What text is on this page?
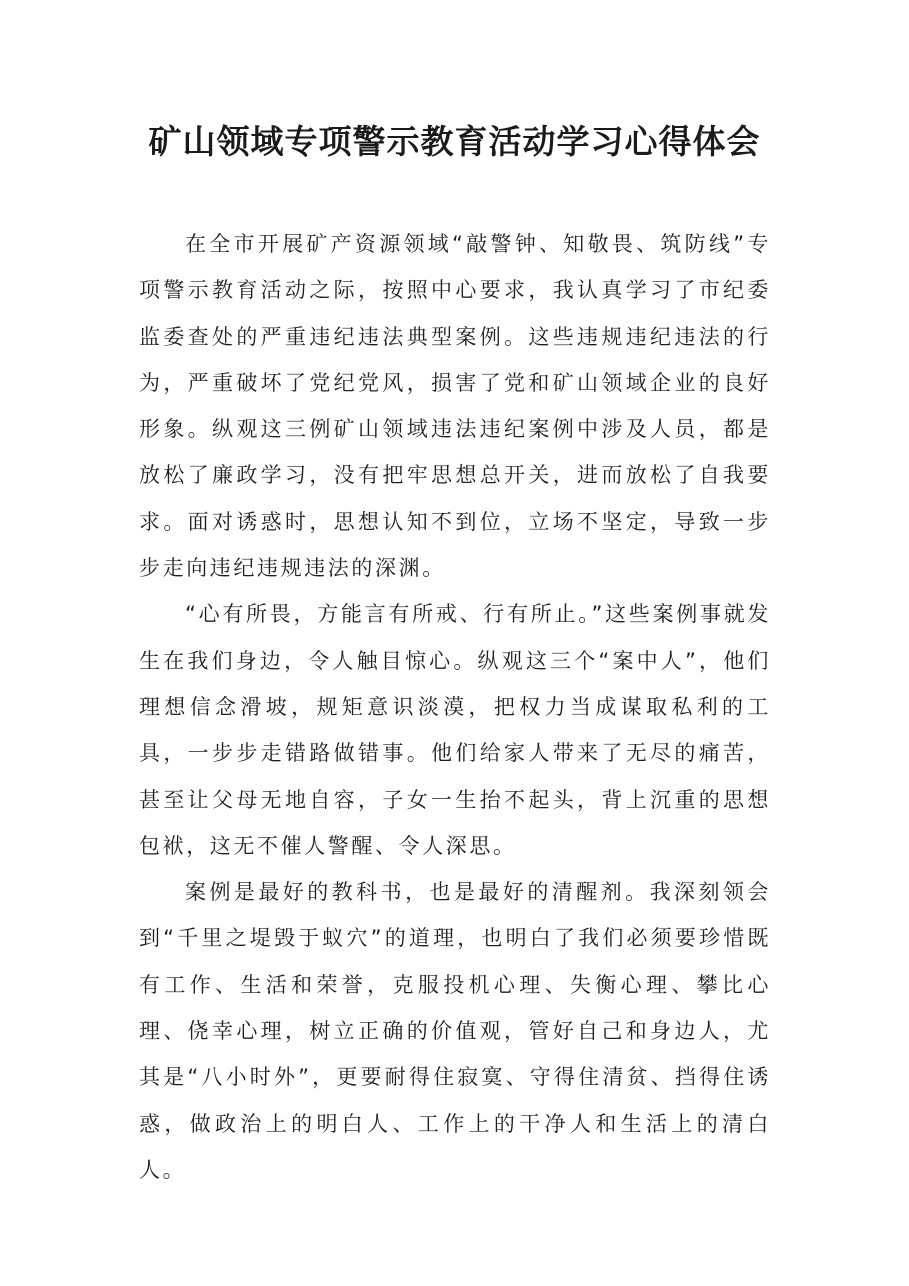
矿山领域专项警示教育活动学习心得体会

在全市开展矿产资源领域“敲警钟、知敬畏、筑防线”专项警示教育活动之际，按照中心要求，我认真学习了市纪委监委查处的严重违纪违法典型案例。这些违规违纪违法的行为，严重破坏了党纪党风，损害了党和矿山领域企业的良好形象。纵观这三例矿山领域违法违纪案例中涉及人员，都是放松了廉政学习，没有把牢思想总开关，进而放松了自我要求。面对诱惑时，思想认知不到位，立场不坚定，导致一步步走向违纪违规违法的深渊。

“心有所畏，方能言有所戒、行有所止。”这些案例事就发生在我们身边，令人触目惊心。纵观这三个“案中人”，他们理想信念滑坡，规矩意识淡漠，把权力当成谋取私利的工具，一步步走错路做错事。他们给家人带来了无尽的痛苦，甚至让父母无地自容，子女一生抬不起头，背上沉重的思想包袱，这无不催人警醒、令人深思。

案例是最好的教科书，也是最好的清醒剂。我深刻领会到“千里之堤毁于蚁穴”的道理，也明白了我们必须要珍惜既有工作、生活和荣誉，克服投机心理、失衡心理、攀比心理、侥幸心理，树立正确的价值观，管好自己和身边人，尤其是“八小时外”，更要耐得住寂寞、守得住清贫、挡得住诱惑，做政治上的明白人、工作上的干净人和生活上的清白人。
